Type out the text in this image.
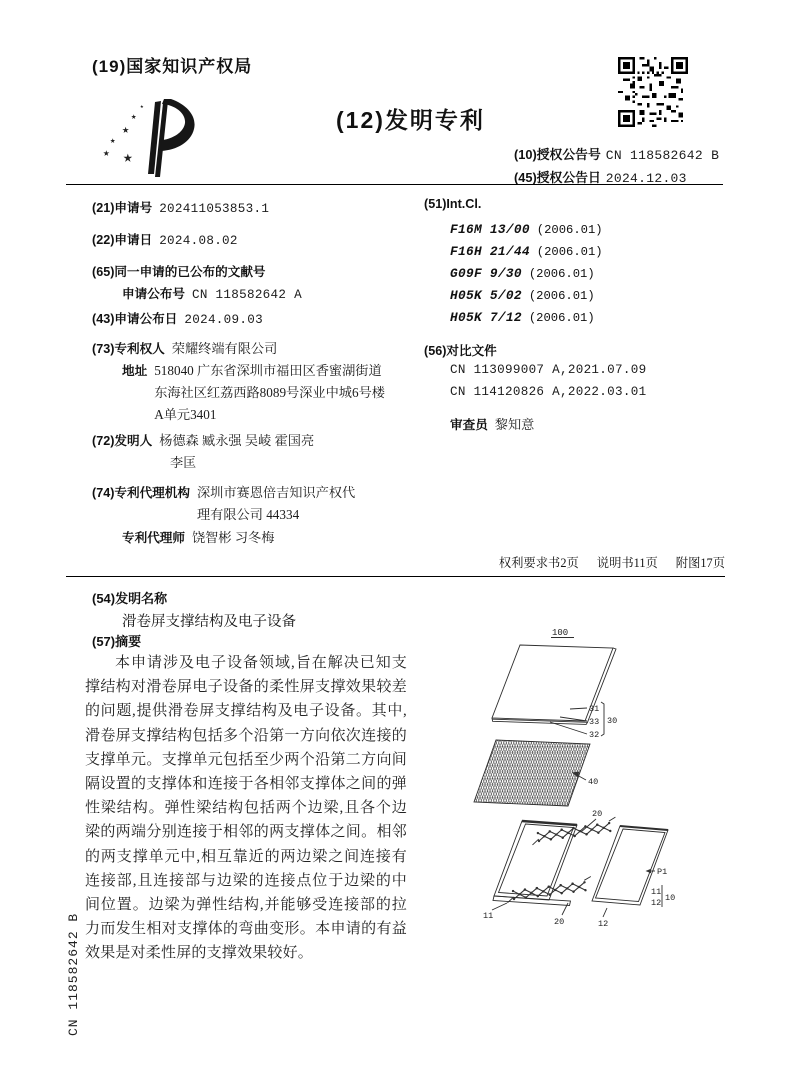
(19)国家知识产权局
★
★
★
★
★ ★
(12)发明专利
(10)授权公告号 CN 118582642 B
(45)授权公告日 2024.12.03
(21)申请号 202411053853.1
(22)申请日 2024.08.02
(65)同一申请的已公布的文献号
申请公布号 CN 118582642 A
(43)申请公布日 2024.09.03
(73)专利权人 荣耀终端有限公司
地址 518040 广东省深圳市福田区香蜜湖街道东海社区红荔西路8089号深业中城6号楼A单元3401
(72)发明人 杨德森 臧永强 吴崚 霍国亮
李匡
(74)专利代理机构 深圳市赛恩倍吉知识产权代理有限公司 44334
专利代理师 饶智彬 习冬梅
(51)Int.Cl.
F16M 13/00 (2006.01)
F16H 21/44 (2006.01)
G09F 9/30 (2006.01)
H05K 5/02 (2006.01)
H05K 7/12 (2006.01)
(56)对比文件
CN 113099007 A,2021.07.09
CN 114120826 A,2022.03.01
审查员 黎知意
权利要求书2页 说明书11页 附图17页
(54)发明名称
滑卷屏支撑结构及电子设备
(57)摘要
本申请涉及电子设备领域,旨在解决已知支撑结构对滑卷屏电子设备的柔性屏支撑效果较差的问题,提供滑卷屏支撑结构及电子设备。其中,滑卷屏支撑结构包括多个沿第一方向依次连接的支撑单元。支撑单元包括至少两个沿第二方向间隔设置的支撑体和连接于各相邻支撑体之间的弹性梁结构。弹性梁结构包括两个边梁,且各个边梁的两端分别连接于相邻的两支撑体之间。相邻的两支撑单元中,相互靠近的两边梁之间连接有连接部,且连接部与边梁的连接点位于边梁的中间位置。边梁为弹性结构,并能够受连接部的拉力而发生相对支撑体的弯曲变形。本申请的有益效果是对柔性屏的支撑效果较好。
100
31
33 30
32
40
20
20
11
12
P1
11
12 10
CN 118582642 B
